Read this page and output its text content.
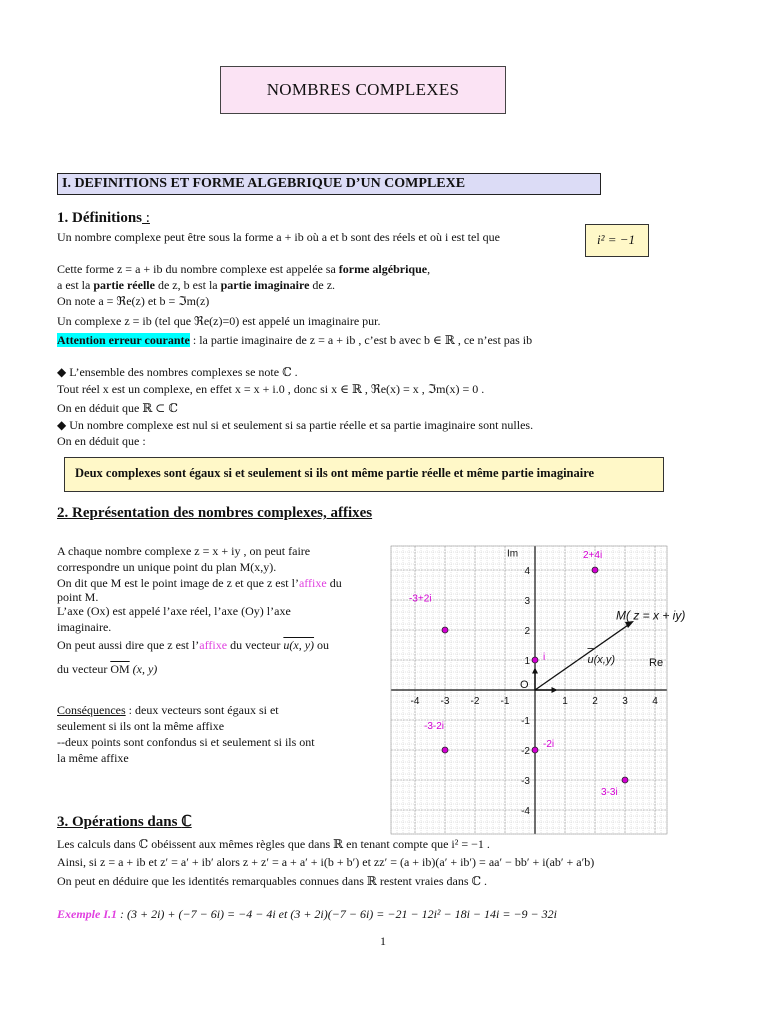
NOMBRES COMPLEXES
I. DEFINITIONS ET FORME ALGEBRIQUE D’UN COMPLEXE
1. Définitions :
Un nombre complexe peut être sous la forme a + ib où a et b sont des réels et où i est tel que	i² = −1
Cette forme z = a + ib du nombre complexe est appelée sa forme algébrique,
a est la partie réelle de z, b est la partie imaginaire de z.
On note a = ℜe(z) et b = ℑm(z)
Un complexe z = ib (tel que ℜe(z)=0) est appelé un imaginaire pur.
Attention erreur courante : la partie imaginaire de z = a + ib , c’est b avec b ∈ ℝ , ce n’est pas ib
◆ L’ensemble des nombres complexes se note ℂ .
Tout réel x est un complexe, en effet x = x + i.0 , donc si x ∈ ℝ , ℜe(x) = x , ℑm(x) = 0 .
On en déduit que ℝ ⊂ ℂ
◆ Un nombre complexe est nul si et seulement si sa partie réelle et sa partie imaginaire sont nulles.
On en déduit que :
Deux complexes sont égaux si et seulement si ils ont même partie réelle et même partie imaginaire
2. Représentation des nombres complexes, affixes
A chaque nombre complexe z = x + iy , on peut faire
correspondre un unique point du plan M(x,y).
On dit que M est le point image de z et que z est l’affixe du
point M.
L’axe (Ox) est appelé l’axe réel, l’axe (Oy) l’axe
imaginaire.
On peut aussi dire que z est l’affixe du vecteur u(x, y) ou
du vecteur $\overline{OM}$ (x, y)
Conséquences : deux vecteurs sont égaux si et
seulement si ils ont la même affixe
--deux points sont confondus si et seulement si ils ont
la même affixe
-4 -3 -2 -1	1 2 3 4
4
3
2
1
-1
-2
-3
-4
Im
Re
O
M( z = x + iy)
u(x,y)
2+4i
-3+2i
i
-3-2i
-2i
3-3i
3. Opérations dans ℂ
Les calculs dans ℂ obéissent aux mêmes règles que dans ℝ en tenant compte que i² = −1 .
Ainsi, si z = a + ib et z′ = a′ + ib′ alors z + z′ = a + a′ + i(b + b′) et zz′ = (a + ib)(a′ + ib′) = aa′ − bb′ + i(ab′ + a′b)
On peut en déduire que les identités remarquables connues dans ℝ restent vraies dans ℂ .
Exemple I.1 : (3 + 2i) + (−7 − 6i) = −4 − 4i et (3 + 2i)(−7 − 6i) = −21 − 12i² − 18i − 14i = −9 − 32i
1
